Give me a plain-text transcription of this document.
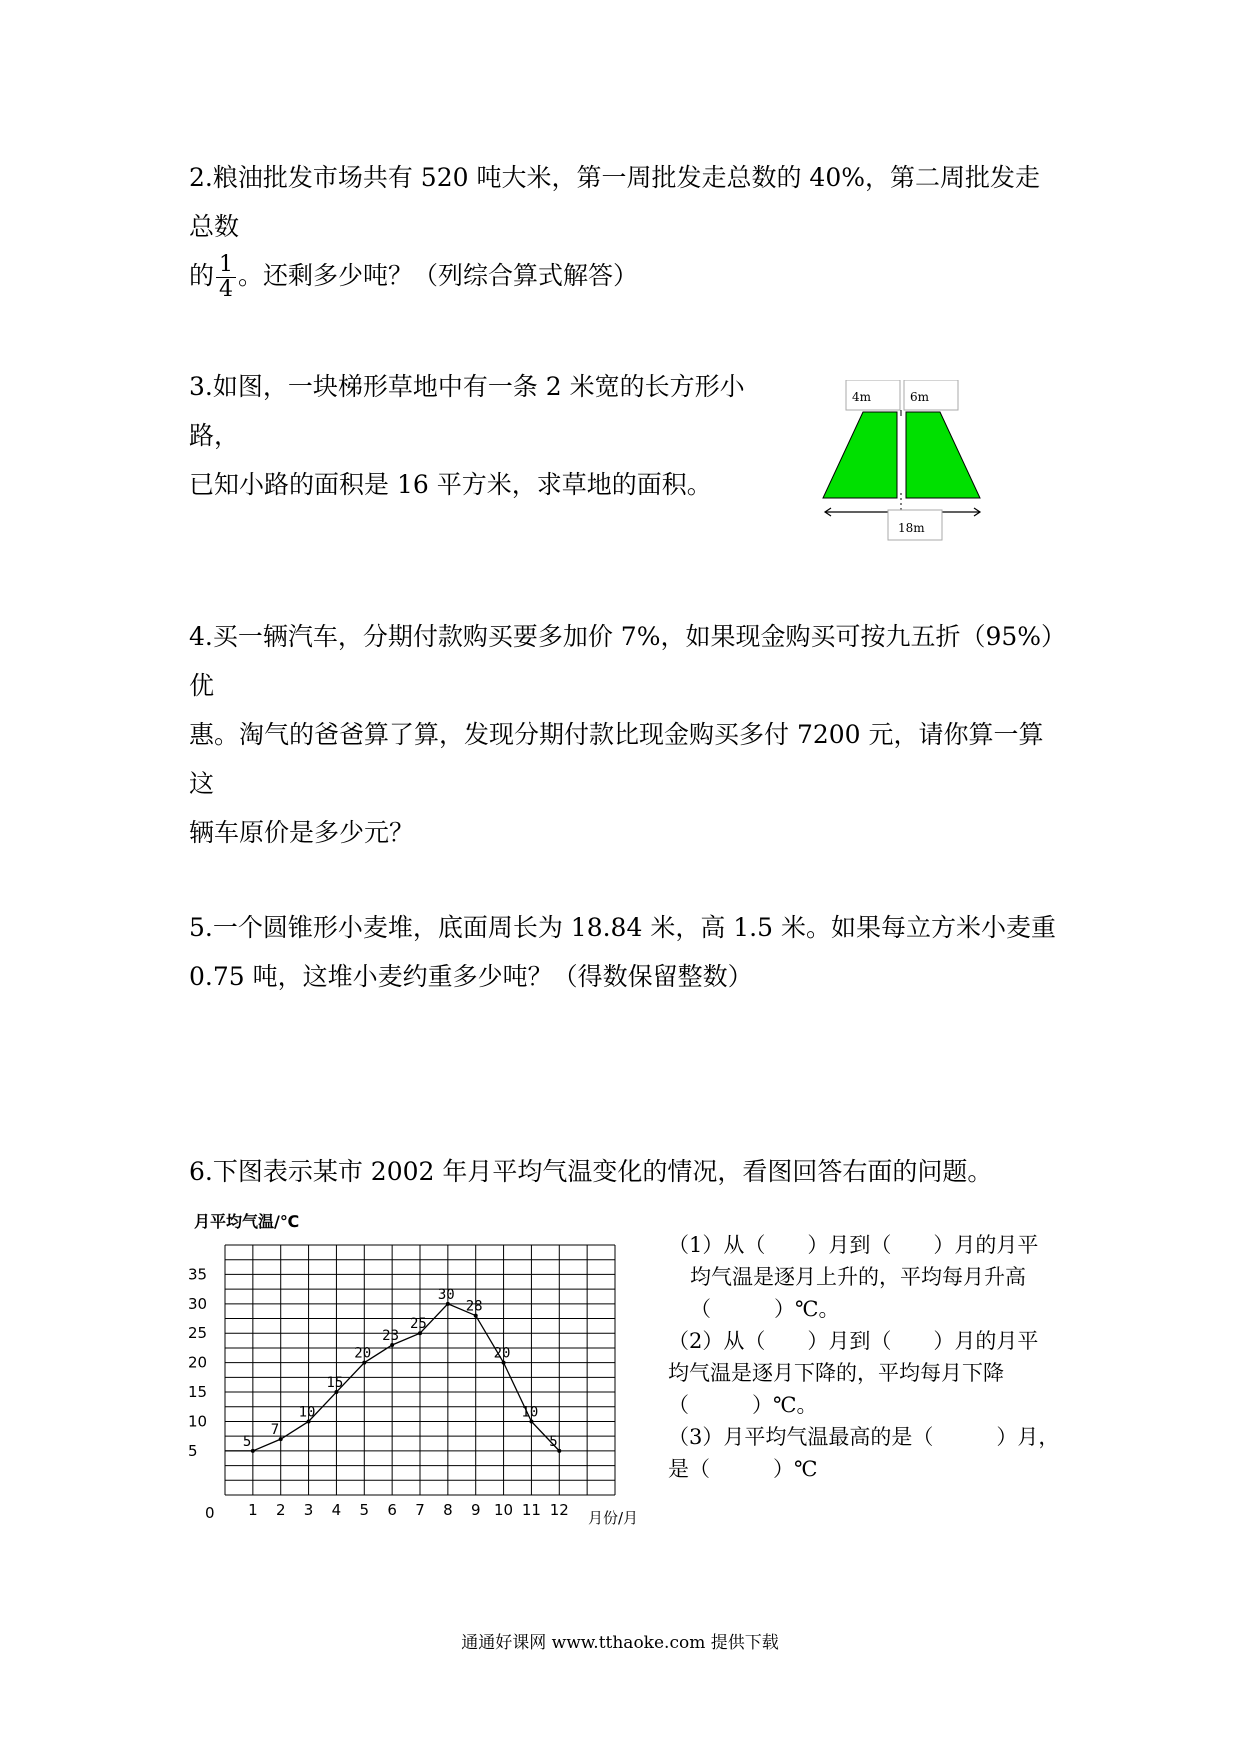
2.粮油批发市场共有 520 吨大米，第一周批发走总数的 40%，第二周批发走总数
的 $\frac{1}{4}$ 。还剩多少吨？（列综合算式解答）
3.如图，一块梯形草地中有一条 2 米宽的长方形小路，
已知小路的面积是 16 平方米，求草地的面积。
4m	6m
18m
4.买一辆汽车，分期付款购买要多加价 7%，如果现金购买可按九五折（95%）优
惠。淘气的爸爸算了算，发现分期付款比现金购买多付 7200 元，请你算一算这
辆车原价是多少元？
5.一个圆锥形小麦堆，底面周长为 18.84 米，高 1.5 米。如果每立方米小麦重
0.75 吨，这堆小麦约重多少吨？（得数保留整数）
6.下图表示某市 2002 年月平均气温变化的情况，看图回答右面的问题。
月平均气温/℃
1 2 3 4 5 6 7 8 9 10 11 12
5
10
15
20
25
30
35
5
7
10
15
20
23
25
30
28
20
10
5
0	月份/月
（1）从（　　）月到（　　）月的月平
均气温是逐月上升的，平均每月升高
（　　　）℃。
（2）从（　　）月到（　　）月的月平
均气温是逐月下降的，平均每月下降
（　　　）℃。
（3）月平均气温最高的是（　　　）月，
是（　　　）℃
通通好课网 www.tthaoke.com 提供下载
